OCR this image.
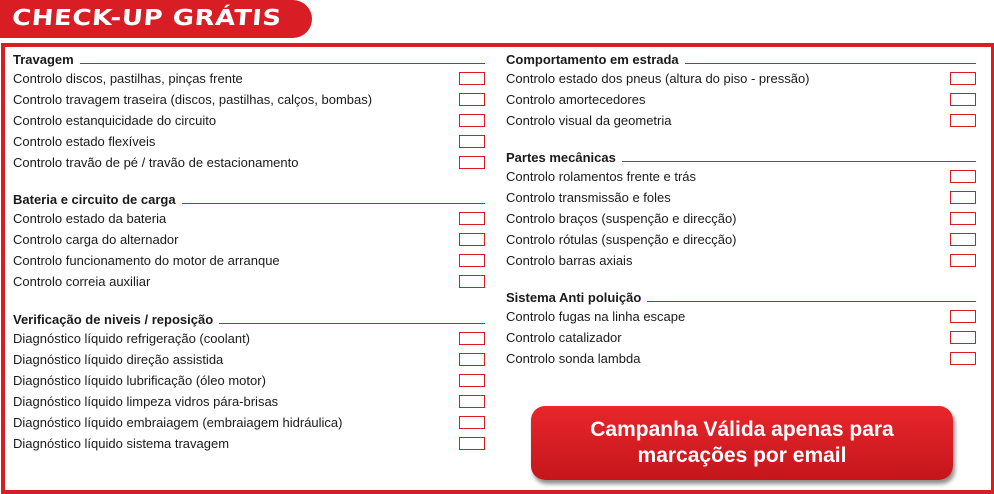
CHECK-UP GRÁTIS
Travagem
Controlo discos, pastilhas, pinças frente
Controlo travagem traseira (discos, pastilhas, calços, bombas)
Controlo estanquicidade do circuito
Controlo estado flexíveis
Controlo travão de pé / travão de estacionamento
Bateria e circuito de carga
Controlo estado da bateria
Controlo carga do alternador
Controlo funcionamento do motor de arranque
Controlo correia auxiliar
Verificação de niveis / reposição
Diagnóstico líquido refrigeração (coolant)
Diagnóstico líquido direção assistida
Diagnóstico líquido lubrificação (óleo motor)
Diagnóstico líquido limpeza vidros pára-brisas
Diagnóstico líquido embraiagem (embraiagem hidráulica)
Diagnóstico líquido sistema travagem
Comportamento em estrada
Controlo estado dos pneus (altura do piso - pressão)
Controlo amortecedores
Controlo visual da geometria
Partes mecânicas
Controlo rolamentos frente e trás
Controlo transmissão e foles
Controlo braços (suspenção e direcção)
Controlo rótulas (suspenção e direcção)
Controlo barras axiais
Sistema Anti poluição
Controlo fugas na linha escape
Controlo catalizador
Controlo sonda lambda
Campanha Válida apenas para
marcações por email
